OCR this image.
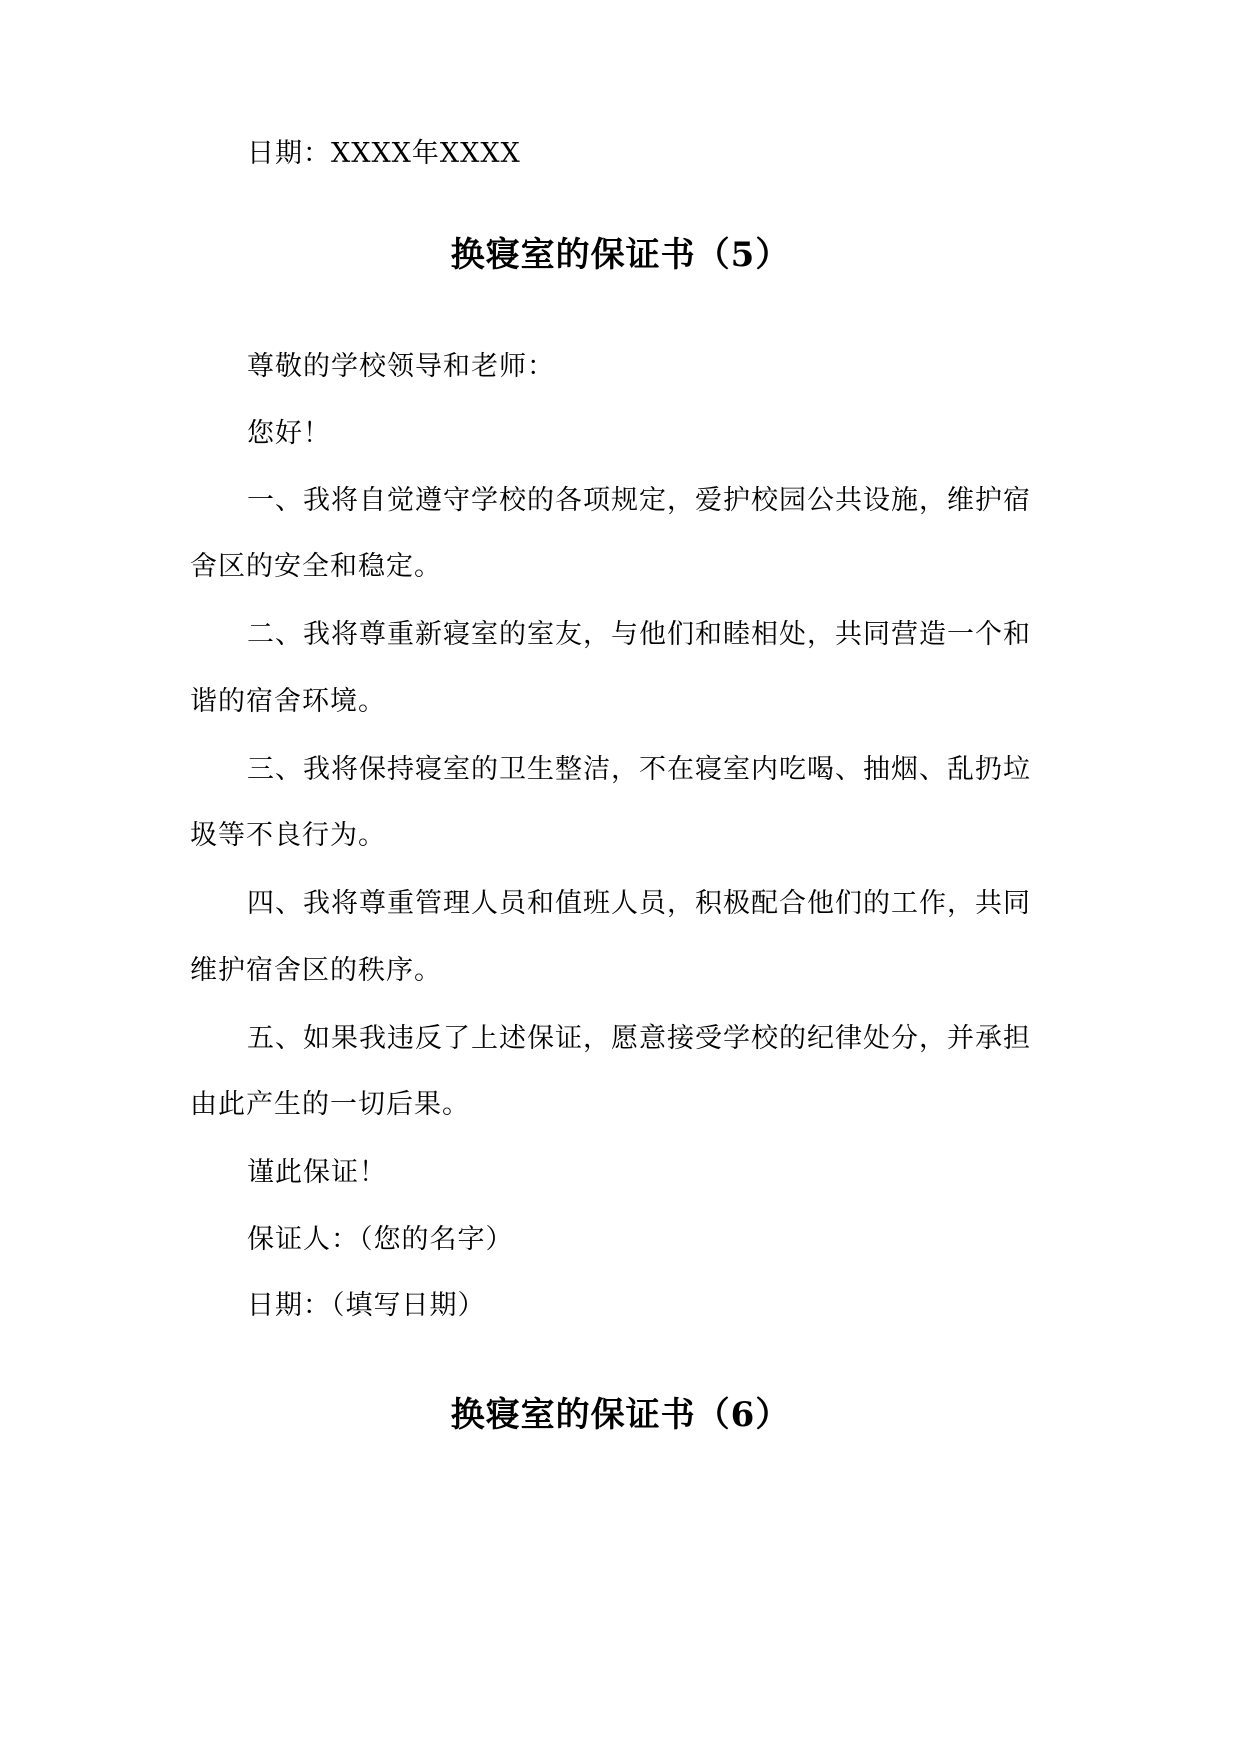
日期：XXXX年XXXX
换寝室的保证书（5）
尊敬的学校领导和老师：
您好！
一、我将自觉遵守学校的各项规定，爱护校园公共设施，维护宿
舍区的安全和稳定。
二、我将尊重新寝室的室友，与他们和睦相处，共同营造一个和
谐的宿舍环境。
三、我将保持寝室的卫生整洁，不在寝室内吃喝、抽烟、乱扔垃
圾等不良行为。
四、我将尊重管理人员和值班人员，积极配合他们的工作，共同
维护宿舍区的秩序。
五、如果我违反了上述保证，愿意接受学校的纪律处分，并承担
由此产生的一切后果。
谨此保证！
保证人：（您的名字）
日期：（填写日期）
换寝室的保证书（6）
